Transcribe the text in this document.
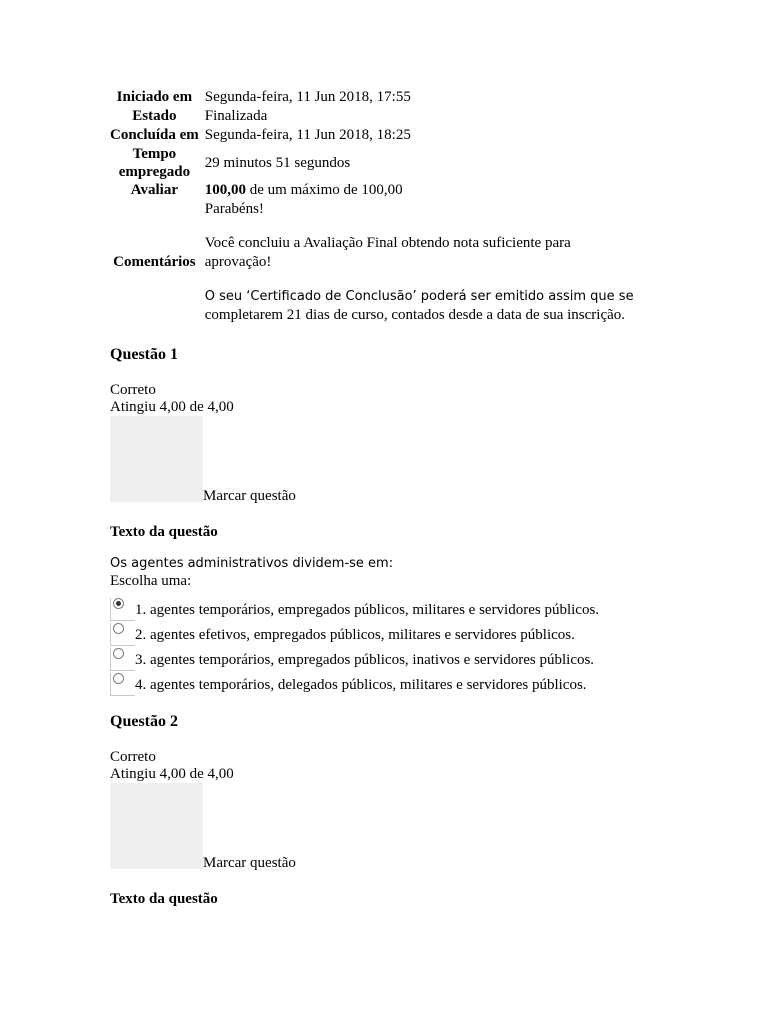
Iniciado em	Segunda-feira, 11 Jun 2018, 17:55
Estado	Finalizada
Concluída em	Segunda-feira, 11 Jun 2018, 18:25
Tempo
empregado	29 minutos 51 segundos
Avaliar	100,00 de um máximo de 100,00
Comentários	Parabéns!
Você concluiu a Avaliação Final obtendo nota suficiente para
aprovação!
O seu ‘Certificado de Conclusão’ poderá ser emitido assim que se
completarem 21 dias de curso, contados desde a data de sua inscrição.
Questão 1

Correto

Atingiu 4,00 de 4,00

Marcar questão

Texto da questão

Os agentes administrativos dividem-se em:

Escolha uma:

1. agentes temporários, empregados públicos, militares e servidores públicos.
2. agentes efetivos, empregados públicos, militares e servidores públicos.
3. agentes temporários, empregados públicos, inativos e servidores públicos.
4. agentes temporários, delegados públicos, militares e servidores públicos.
Questão 2

Correto

Atingiu 4,00 de 4,00

Marcar questão

Texto da questão
